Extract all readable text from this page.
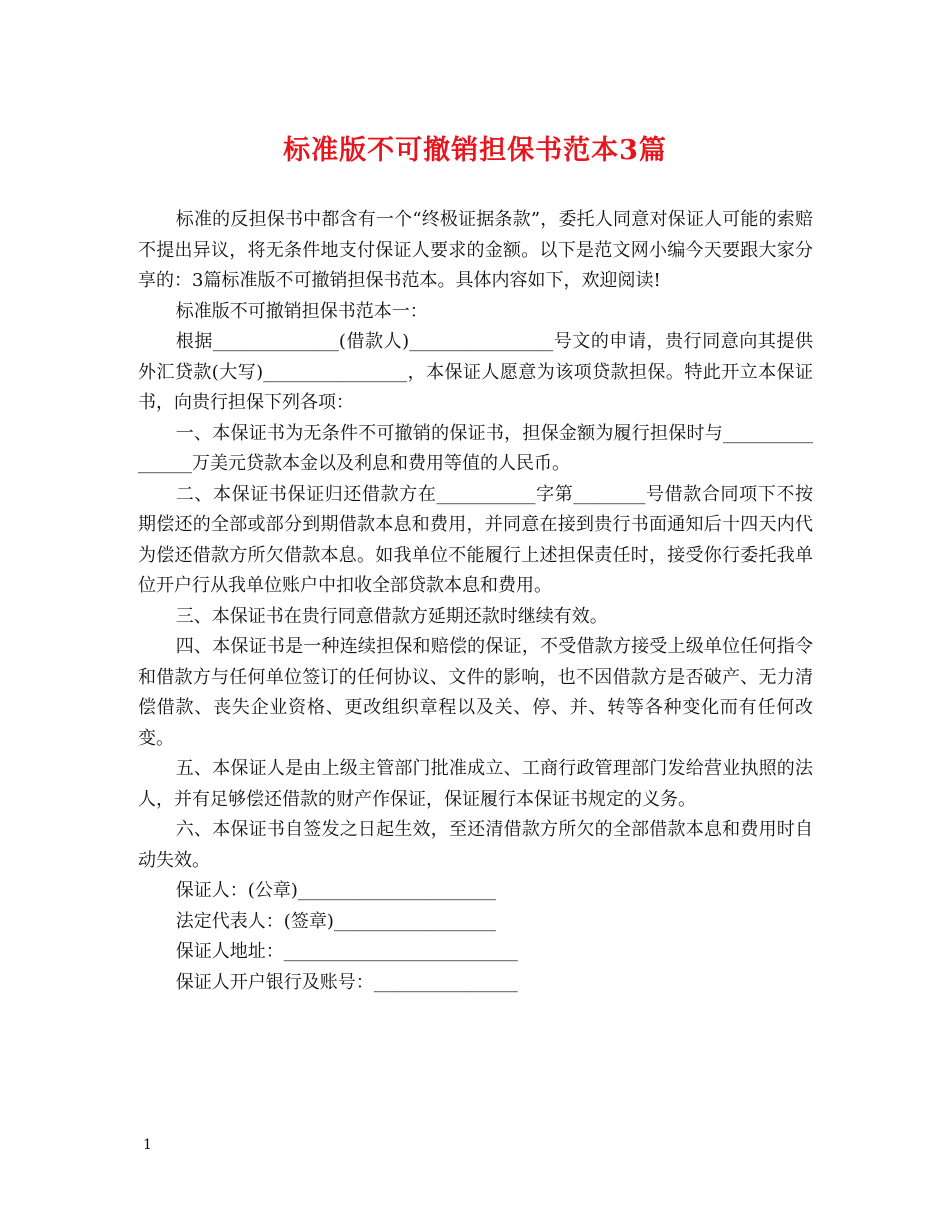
标准版不可撤销担保书范本3篇

标准的反担保书中都含有一个“终极证据条款”，委托人同意对保证人可能的索赔不提出异议，将无条件地支付保证人要求的金额。以下是范文网小编今天要跟大家分享的：3篇标准版不可撤销担保书范本。具体内容如下，欢迎阅读!

标准版不可撤销担保书范本一：

根据______________(借款人)________________号文的申请，贵行同意向其提供外汇贷款(大写)________________，本保证人愿意为该项贷款担保。特此开立本保证书，向贵行担保下列各项：

一、本保证书为无条件不可撤销的保证书，担保金额为履行担保时与________________万美元贷款本金以及利息和费用等值的人民币。

二、本保证书保证归还借款方在___________字第________号借款合同项下不按期偿还的全部或部分到期借款本息和费用，并同意在接到贵行书面通知后十四天内代为偿还借款方所欠借款本息。如我单位不能履行上述担保责任时，接受你行委托我单位开户行从我单位账户中扣收全部贷款本息和费用。

三、本保证书在贵行同意借款方延期还款时继续有效。

四、本保证书是一种连续担保和赔偿的保证，不受借款方接受上级单位任何指令和借款方与任何单位签订的任何协议、文件的影响，也不因借款方是否破产、无力清偿借款、丧失企业资格、更改组织章程以及关、停、并、转等各种变化而有任何改变。

五、本保证人是由上级主管部门批准成立、工商行政管理部门发给营业执照的法人，并有足够偿还借款的财产作保证，保证履行本保证书规定的义务。

六、本保证书自签发之日起生效，至还清借款方所欠的全部借款本息和费用时自动失效。

保证人：(公章)______________________

法定代表人：(签章)__________________

保证人地址：__________________________

保证人开户银行及账号：________________

1
